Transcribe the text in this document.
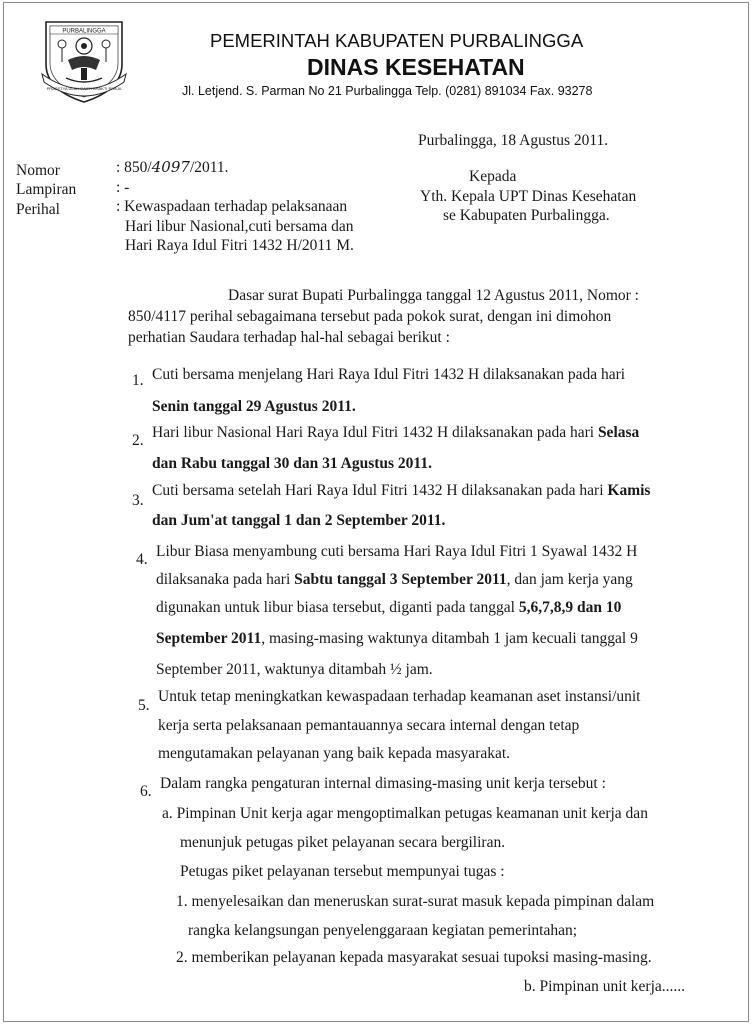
PURBALINGGA
PRASETYA ULAH SAKTI BHAKTI PRAJA
PEMERINTAH KABUPATEN PURBALINGGA
DINAS KESEHATAN
Jl. Letjend. S. Parman No 21 Purbalingga Telp. (0281) 891034 Fax. 93278
Purbalingga, 18 Agustus 2011.
Nomor	: 850/4097/2011.
Lampiran	: -
Perihal	: Kewaspadaan terhadap pelaksanaan
Hari libur Nasional,cuti bersama dan
Hari Raya Idul Fitri 1432 H/2011 M.
Kepada
Yth. Kepala UPT Dinas Kesehatan
se Kabupaten Purbalingga.
Dasar surat Bupati Purbalingga tanggal 12 Agustus 2011, Nomor :
850/4117 perihal sebagaimana tersebut pada pokok surat, dengan ini dimohon
perhatian Saudara terhadap hal-hal sebagai berikut :
1. Cuti bersama menjelang Hari Raya Idul Fitri 1432 H dilaksanakan pada hari
Senin tanggal 29 Agustus 2011.
2. Hari libur Nasional Hari Raya Idul Fitri 1432 H dilaksanakan pada hari Selasa
dan Rabu tanggal 30 dan 31 Agustus 2011.
3.
Cuti bersama setelah Hari Raya Idul Fitri 1432 H dilaksanakan pada hari Kamis
dan Jum'at tanggal 1 dan 2 September 2011.
4. Libur Biasa menyambung cuti bersama Hari Raya Idul Fitri 1 Syawal 1432 H
dilaksanaka pada hari Sabtu tanggal 3 September 2011, dan jam kerja yang
digunakan untuk libur biasa tersebut, diganti pada tanggal 5,6,7,8,9 dan 10
September 2011, masing-masing waktunya ditambah 1 jam kecuali tanggal 9
September 2011, waktunya ditambah ½ jam.
5.
Untuk tetap meningkatkan kewaspadaan terhadap keamanan aset instansi/unit
kerja serta pelaksanaan pemantauannya secara internal dengan tetap
mengutamakan pelayanan yang baik kepada masyarakat.
6. Dalam rangka pengaturan internal dimasing-masing unit kerja tersebut :
a. Pimpinan Unit kerja agar mengoptimalkan petugas keamanan unit kerja dan
menunjuk petugas piket pelayanan secara bergiliran.
Petugas piket pelayanan tersebut mempunyai tugas :
1. menyelesaikan dan meneruskan surat-surat masuk kepada pimpinan dalam
rangka kelangsungan penyelenggaraan kegiatan pemerintahan;
2. memberikan pelayanan kepada masyarakat sesuai tupoksi masing-masing.
b. Pimpinan unit kerja......
